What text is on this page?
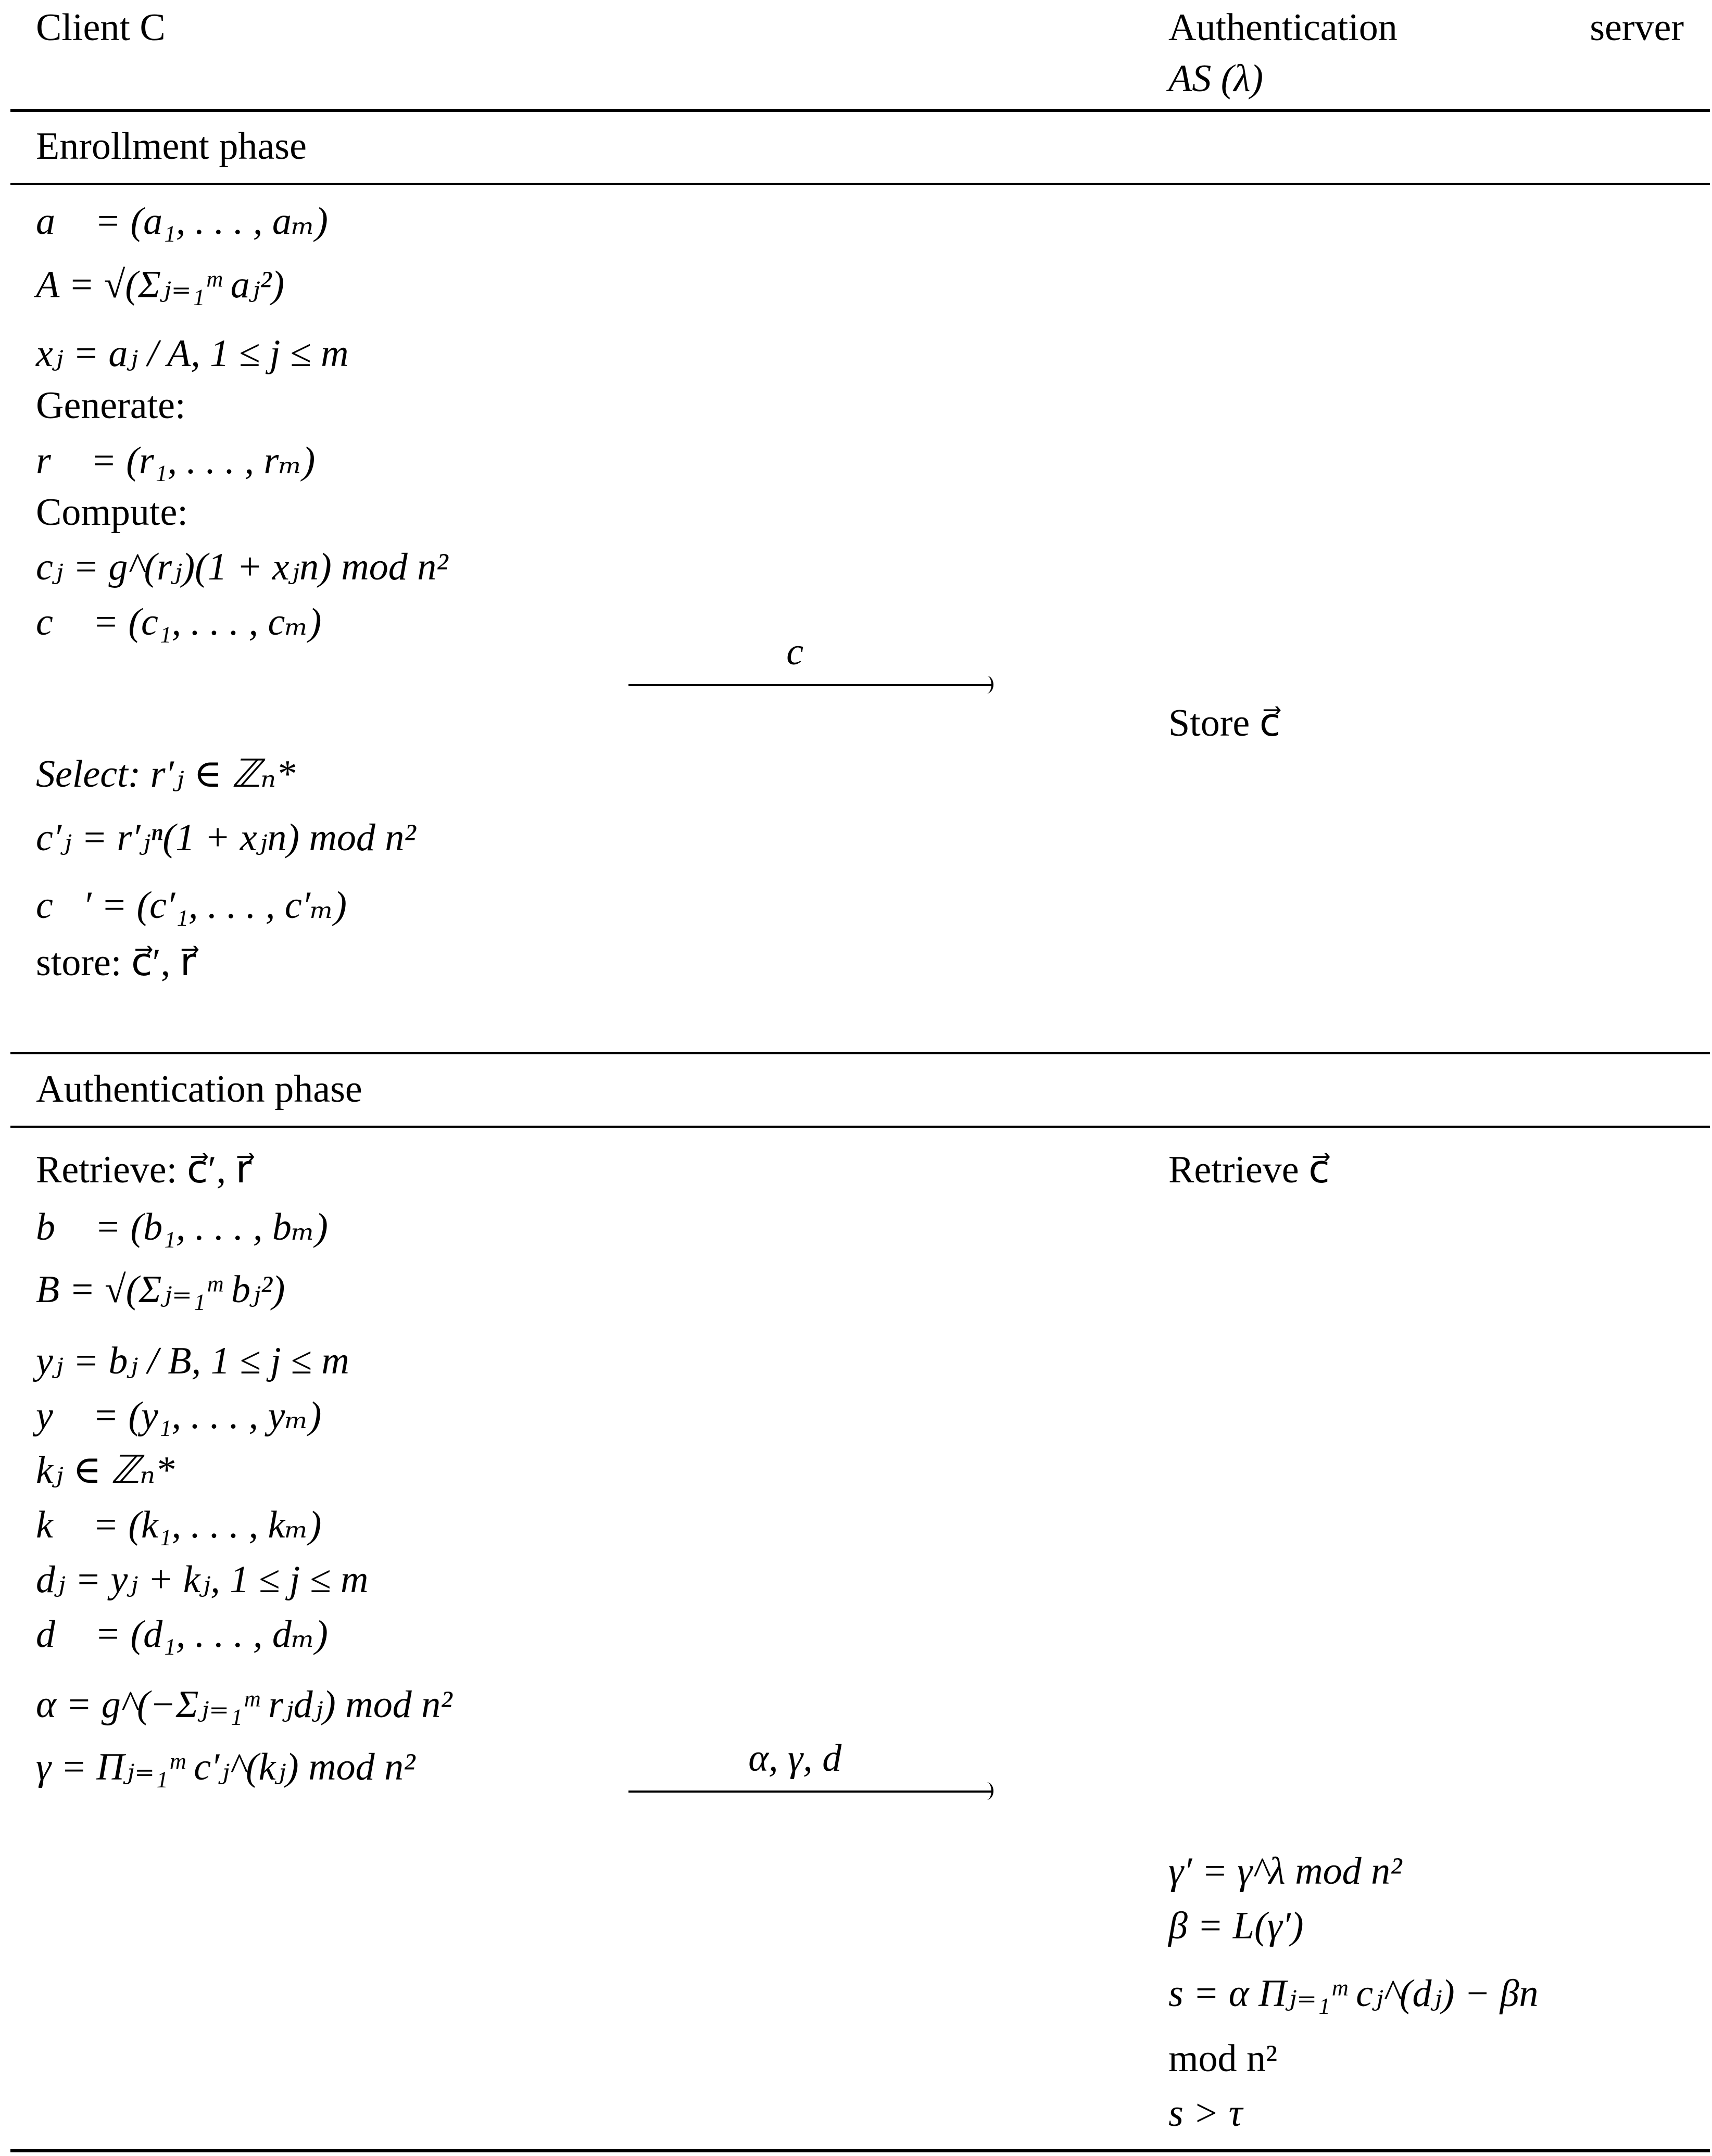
Client C	Authentication	server
AS (λ)
Enrollment phase
a⃗ = (a₁, . . . , aₘ)
A = √(Σⱼ₌₁ᵐ aⱼ²)
xⱼ = aⱼ / A, 1 ≤ j ≤ m
Generate:
r⃗ = (r₁, . . . , rₘ)
Compute:
cⱼ = g^(rⱼ)(1 + xⱼn) mod n²
c⃗ = (c₁, . . . , cₘ)
c⃗
Store c⃗
Select: r′ⱼ ∈ ℤₙ*
c′ⱼ = r′ⱼⁿ(1 + xⱼn) mod n²
c⃗′ = (c′₁, . . . , c′ₘ)
store: c⃗′, r⃗
Authentication phase
Retrieve: c⃗′, r⃗	Retrieve c⃗
b⃗ = (b₁, . . . , bₘ)
B = √(Σⱼ₌₁ᵐ bⱼ²)
yⱼ = bⱼ / B, 1 ≤ j ≤ m
y⃗ = (y₁, . . . , yₘ)
kⱼ ∈ ℤₙ*
k⃗ = (k₁, . . . , kₘ)
dⱼ = yⱼ + kⱼ, 1 ≤ j ≤ m
d⃗ = (d₁, . . . , dₘ)
α = g^(−Σⱼ₌₁ᵐ rⱼdⱼ) mod n²
γ = Πⱼ₌₁ᵐ c′ⱼ^(kⱼ) mod n²	α, γ, d⃗
γ′ = γ^λ mod n²
β = L(γ′)
s = α Πⱼ₌₁ᵐ cⱼ^(dⱼ) − βn
mod n²
s > τ
